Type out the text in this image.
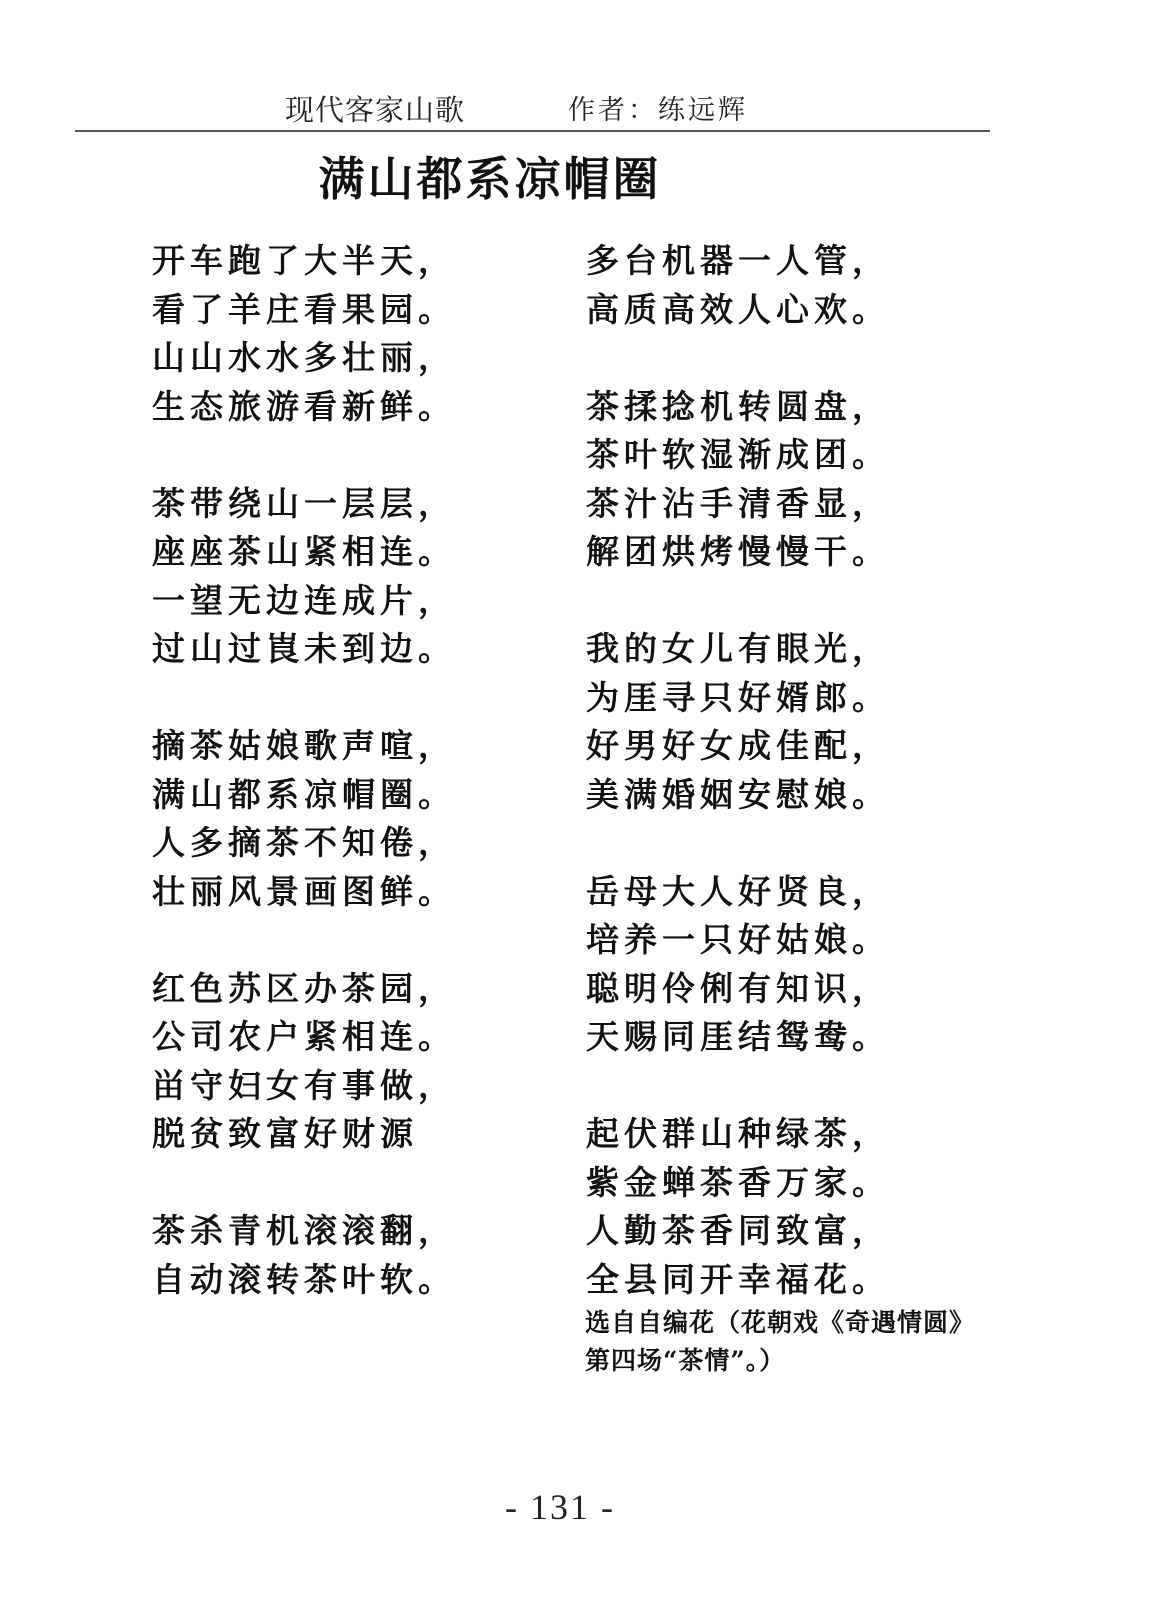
现代客家山歌	作者：练远辉
满山都系凉帽圈
开车跑了大半天，
看了羊庄看果园。
山山水水多壮丽，
生态旅游看新鲜。
茶带绕山一层层，
座座茶山紧相连。
一望无边连成片，
过山过崀未到边。
摘茶姑娘歌声喧，
满山都系凉帽圈。
人多摘茶不知倦，
壮丽风景画图鲜。
红色苏区办茶园，
公司农户紧相连。
畄守妇女有事做，
脱贫致富好财源
茶杀青机滚滚翻，
自动滚转茶叶软。
多台机器一人管，
高质高效人心欢。
茶揉捻机转圆盘，
茶叶软湿渐成团。
茶汁沾手清香显，
解团烘烤慢慢干。
我的女儿有眼光，
为厓寻只好婿郎。
好男好女成佳配，
美满婚姻安慰娘。
岳母大人好贤良，
培养一只好姑娘。
聪明伶俐有知识，
天赐同厓结鸳鸯。
起伏群山种绿茶，
紫金蝉茶香万家。
人勤茶香同致富，
全县同开幸福花。
选自自编花（花朝戏《奇遇情圆》第四场“茶情”。）
- 131 -
